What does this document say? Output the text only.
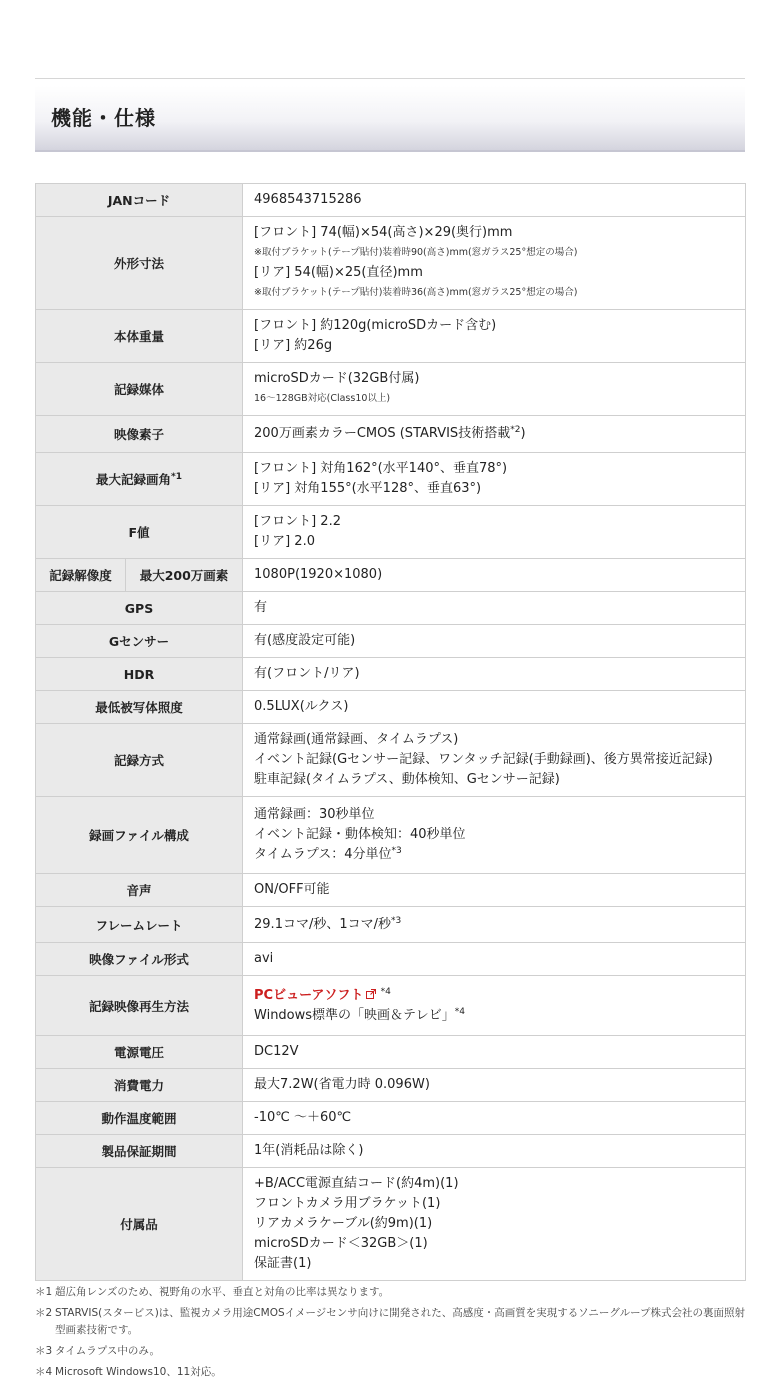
機能・仕様
JANコード		4968543715286

外形寸法		[フロント] 74(幅)×54(高さ)×29(奥行)mm
※取付ブラケット(テープ貼付)装着時90(高さ)mm(窓ガラス25°想定の場合)
[リア] 54(幅)×25(直径)mm
※取付ブラケット(テープ貼付)装着時36(高さ)mm(窓ガラス25°想定の場合)

本体重量		[フロント] 約120g(microSDカード含む)
[リア] 約26g

記録媒体		microSDカード(32GB付属)
16～128GB対応(Class10以上)

映像素子		200万画素カラーCMOS (STARVIS技術搭載$^{*2}$)
最大記録画角$^{*1}$		[フロント] 対角162°(水平140°、垂直78°)
[リア] 対角155°(水平128°、垂直63°)

F値		[フロント] 2.2
[リア] 2.0

記録解像度	最大200万画素	1080P(1920×1080)

GPS		有

Gセンサー		有(感度設定可能)

HDR		有(フロント/リア)

最低被写体照度		0.5LUX(ルクス)

記録方式		通常録画(通常録画、タイムラプス)
イベント記録(Gセンサー記録、ワンタッチ記録(手動録画)、後方異常接近記録)
駐車記録(タイムラプス、動体検知、Gセンサー記録)

録画ファイル構成		通常録画：30秒単位
イベント記録・動体検知：40秒単位
タイムラプス：4分単位$^{*3}$

音声		ON/OFF可能

フレームレート		29.1コマ/秒、1コマ/秒$^{*3}$
映像ファイル形式		avi

記録映像再生方法		PCビューアソフト $^{*4}$
Windows標準の「映画＆テレビ」$^{*4}$

電源電圧		DC12V

消費電力		最大7.2W(省電力時 0.096W)

動作温度範囲		-10℃ ～＋60℃

製品保証期間		1年(消耗品は除く)

付属品		+B/ACC電源直結コード(約4m)(1)
フロントカメラ用ブラケット(1)
リアカメラケーブル(約9m)(1)
microSDカード＜32GB＞(1)
保証書(1)
＊1 超広角レンズのため、視野角の水平、垂直と対角の比率は異なります。
＊2 STARVIS(スタービス)は、監視カメラ用途CMOSイメージセンサ向けに開発された、高感度・高画質を実現するソニーグループ株式会社の裏面照射型画素技術です。
＊3 タイムラプス中のみ。
＊4 Microsoft Windows10、11対応。
